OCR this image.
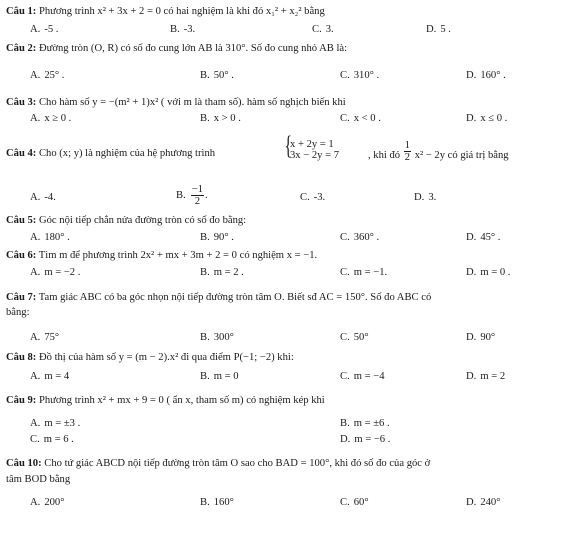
Câu 1: Phương trình x² + 3x + 2 = 0 có hai nghiệm là khi đó x₁² + x₂² bằng
A. -5 .	B. -3.	C. 3.	D. 5 .
Câu 2: Đường tròn (O, R) có số đo cung lớn AB là 310°. Số đo cung nhỏ AB là:
A. 25° .	B. 50° .	C. 310° .	D. 160° .
Câu 3: Cho hàm số y = −(m² + 1)x² ( với m là tham số). hàm số nghịch biến khi
A. x ≥ 0 .	B. x > 0 .	C. x < 0 .	D. x ≤ 0 .
Câu 4: Cho (x; y) là nghiệm của hệ phương trình	{
x + 2y = 1
3x − 2y = 7	, khi đó $\frac{1}{2} x^2 - 2y$ có giá trị bằng
A. -4.	B. $\frac{-1}{2}$ .	C. -3.	D. 3.
Câu 5: Góc nội tiếp chắn nửa đường tròn có số đo bằng:
A. 180° .	B. 90° .	C. 360° .	D. 45° .
Câu 6: Tìm m để phương trình 2x² + mx + 3m + 2 = 0 có nghiệm x = −1.
A. m = −2 .	B. m = 2 .	C. m = −1.	D. m = 0 .
Câu 7: Tam giác ABC có ba góc nhọn nội tiếp đường tròn tâm O. Biết sđ AC = 150°. Số đo ABC có
bằng:
A. 75°	B. 300°	C. 50°	D. 90°
Câu 8: Đồ thị của hàm số y = (m − 2).x² đi qua điểm P(−1; −2) khi:
A. m = 4	B. m = 0	C. m = −4	D. m = 2
Câu 9: Phương trình x² + mx + 9 = 0 ( ẩn x, tham số m) có nghiệm kép khi
A. m = ±3 .	B. m = ±6 .
C. m = 6 .	D. m = −6 .
Câu 10: Cho tứ giác ABCD nội tiếp đường tròn tâm O sao cho BAD = 100°, khi đó số đo của góc ở
tâm BOD bằng
A. 200°	B. 160°	C. 60°	D. 240°
